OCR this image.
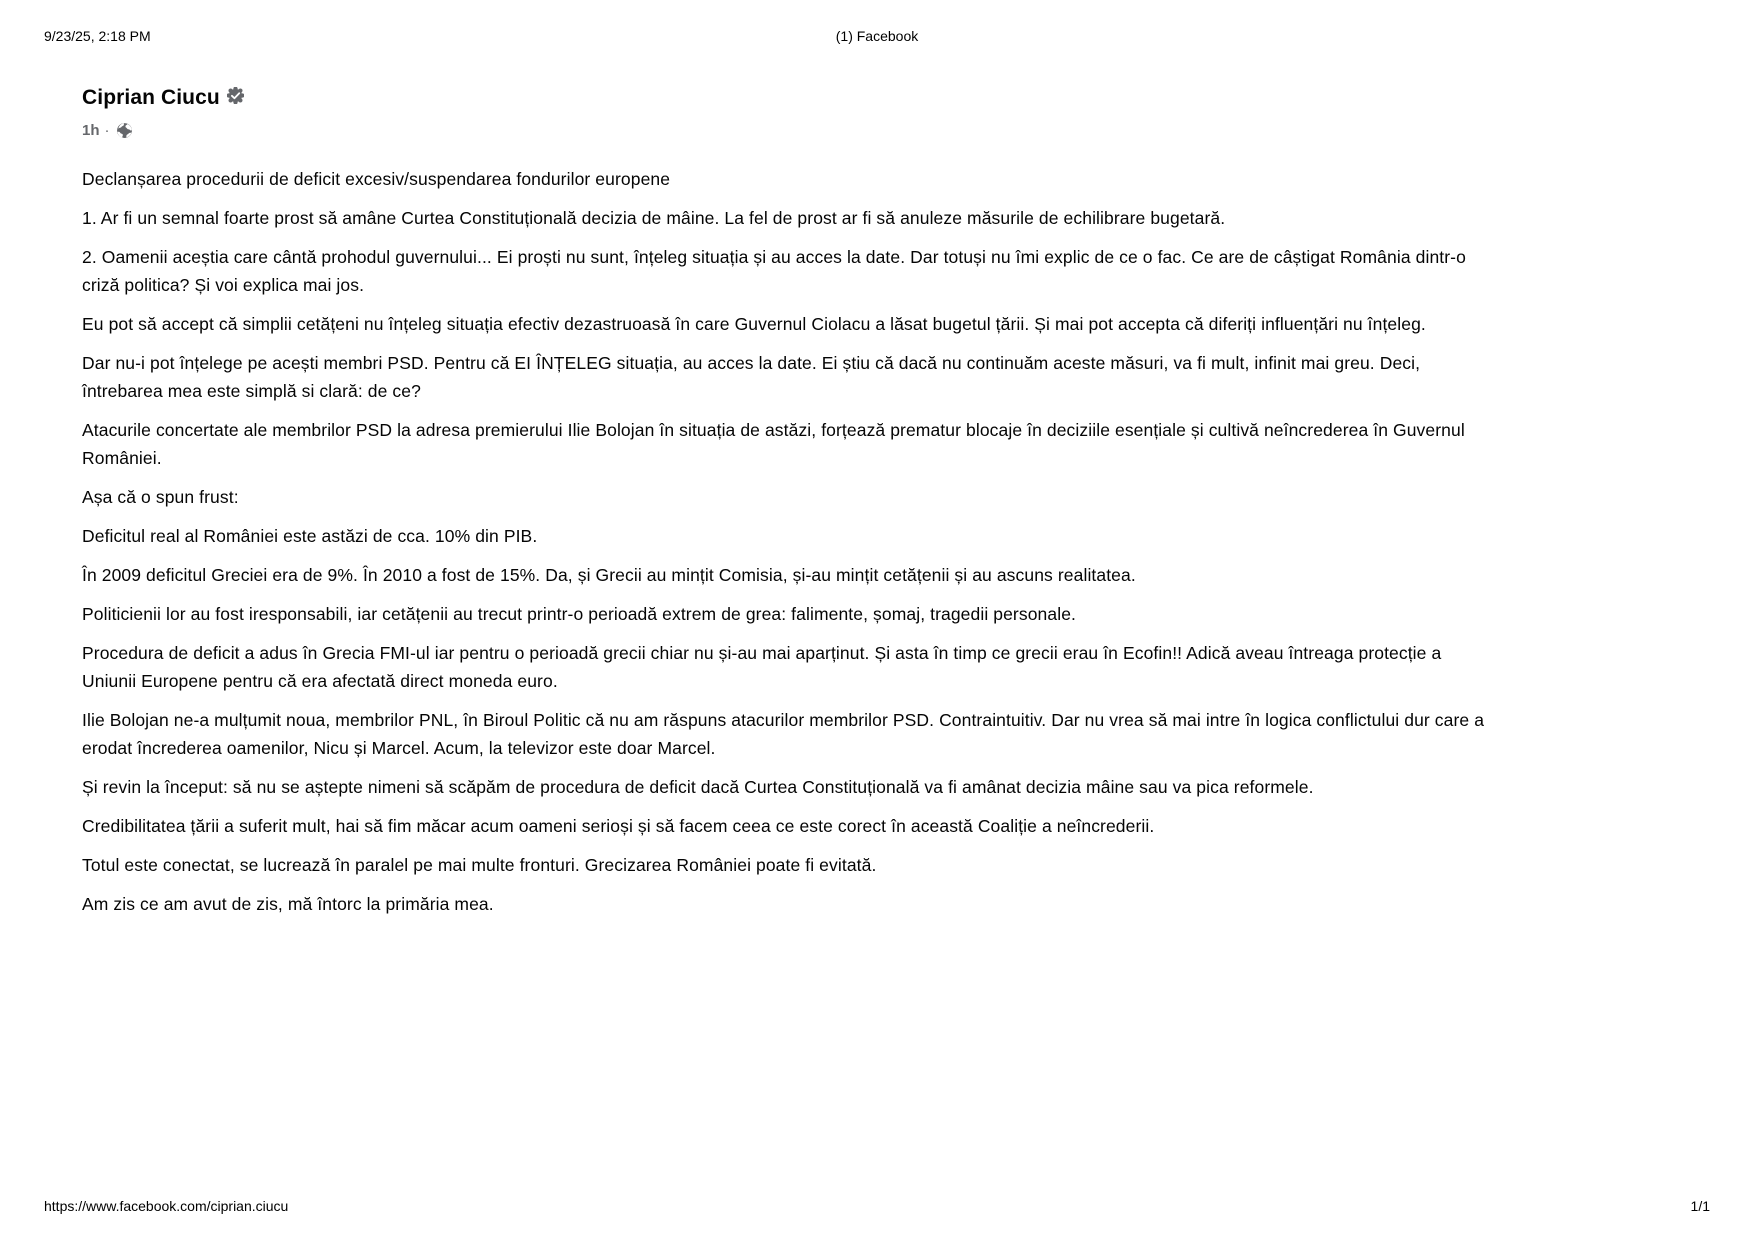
9/23/25, 2:18 PM	(1) Facebook
Ciprian Ciucu
1h ·

Declanșarea procedurii de deficit excesiv/suspendarea fondurilor europene

1. Ar fi un semnal foarte prost să amâne Curtea Constituțională decizia de mâine. La fel de prost ar fi să anuleze măsurile de echilibrare bugetară.

2. Oamenii aceștia care cântă prohodul guvernului... Ei proști nu sunt, înțeleg situația și au acces la date. Dar totuși nu îmi explic de ce o fac. Ce are de câștigat România dintr-o criză politica? Și voi explica mai jos.

Eu pot să accept că simplii cetățeni nu înțeleg situația efectiv dezastruoasă în care Guvernul Ciolacu a lăsat bugetul țării. Și mai pot accepta că diferiți influențări nu înțeleg.

Dar nu-i pot înțelege pe acești membri PSD. Pentru că EI ÎNȚELEG situația, au acces la date. Ei știu că dacă nu continuăm aceste măsuri, va fi mult, infinit mai greu. Deci, întrebarea mea este simplă si clară: de ce?

Atacurile concertate ale membrilor PSD la adresa premierului Ilie Bolojan în situația de astăzi, forțează prematur blocaje în deciziile esențiale și cultivă neîncrederea în Guvernul României.

Așa că o spun frust:

Deficitul real al României este astăzi de cca. 10% din PIB.

În 2009 deficitul Greciei era de 9%. În 2010 a fost de 15%. Da, și Grecii au mințit Comisia, și-au mințit cetățenii și au ascuns realitatea.

Politicienii lor au fost iresponsabili, iar cetățenii au trecut printr-o perioadă extrem de grea: falimente, șomaj, tragedii personale.

Procedura de deficit a adus în Grecia FMI-ul iar pentru o perioadă grecii chiar nu și-au mai aparținut. Și asta în timp ce grecii erau în Ecofin!! Adică aveau întreaga protecție a Uniunii Europene pentru că era afectată direct moneda euro.

Ilie Bolojan ne-a mulțumit noua, membrilor PNL, în Biroul Politic că nu am răspuns atacurilor membrilor PSD. Contraintuitiv. Dar nu vrea să mai intre în logica conflictului dur care a erodat încrederea oamenilor, Nicu și Marcel. Acum, la televizor este doar Marcel.

Și revin la început: să nu se aștepte nimeni să scăpăm de procedura de deficit dacă Curtea Constituțională va fi amânat decizia mâine sau va pica reformele.

Credibilitatea țării a suferit mult, hai să fim măcar acum oameni serioși și să facem ceea ce este corect în această Coaliție a neîncrederii.

Totul este conectat, se lucrează în paralel pe mai multe fronturi. Grecizarea României poate fi evitată.

Am zis ce am avut de zis, mă întorc la primăria mea.

https://www.facebook.com/ciprian.ciucu	1/1
